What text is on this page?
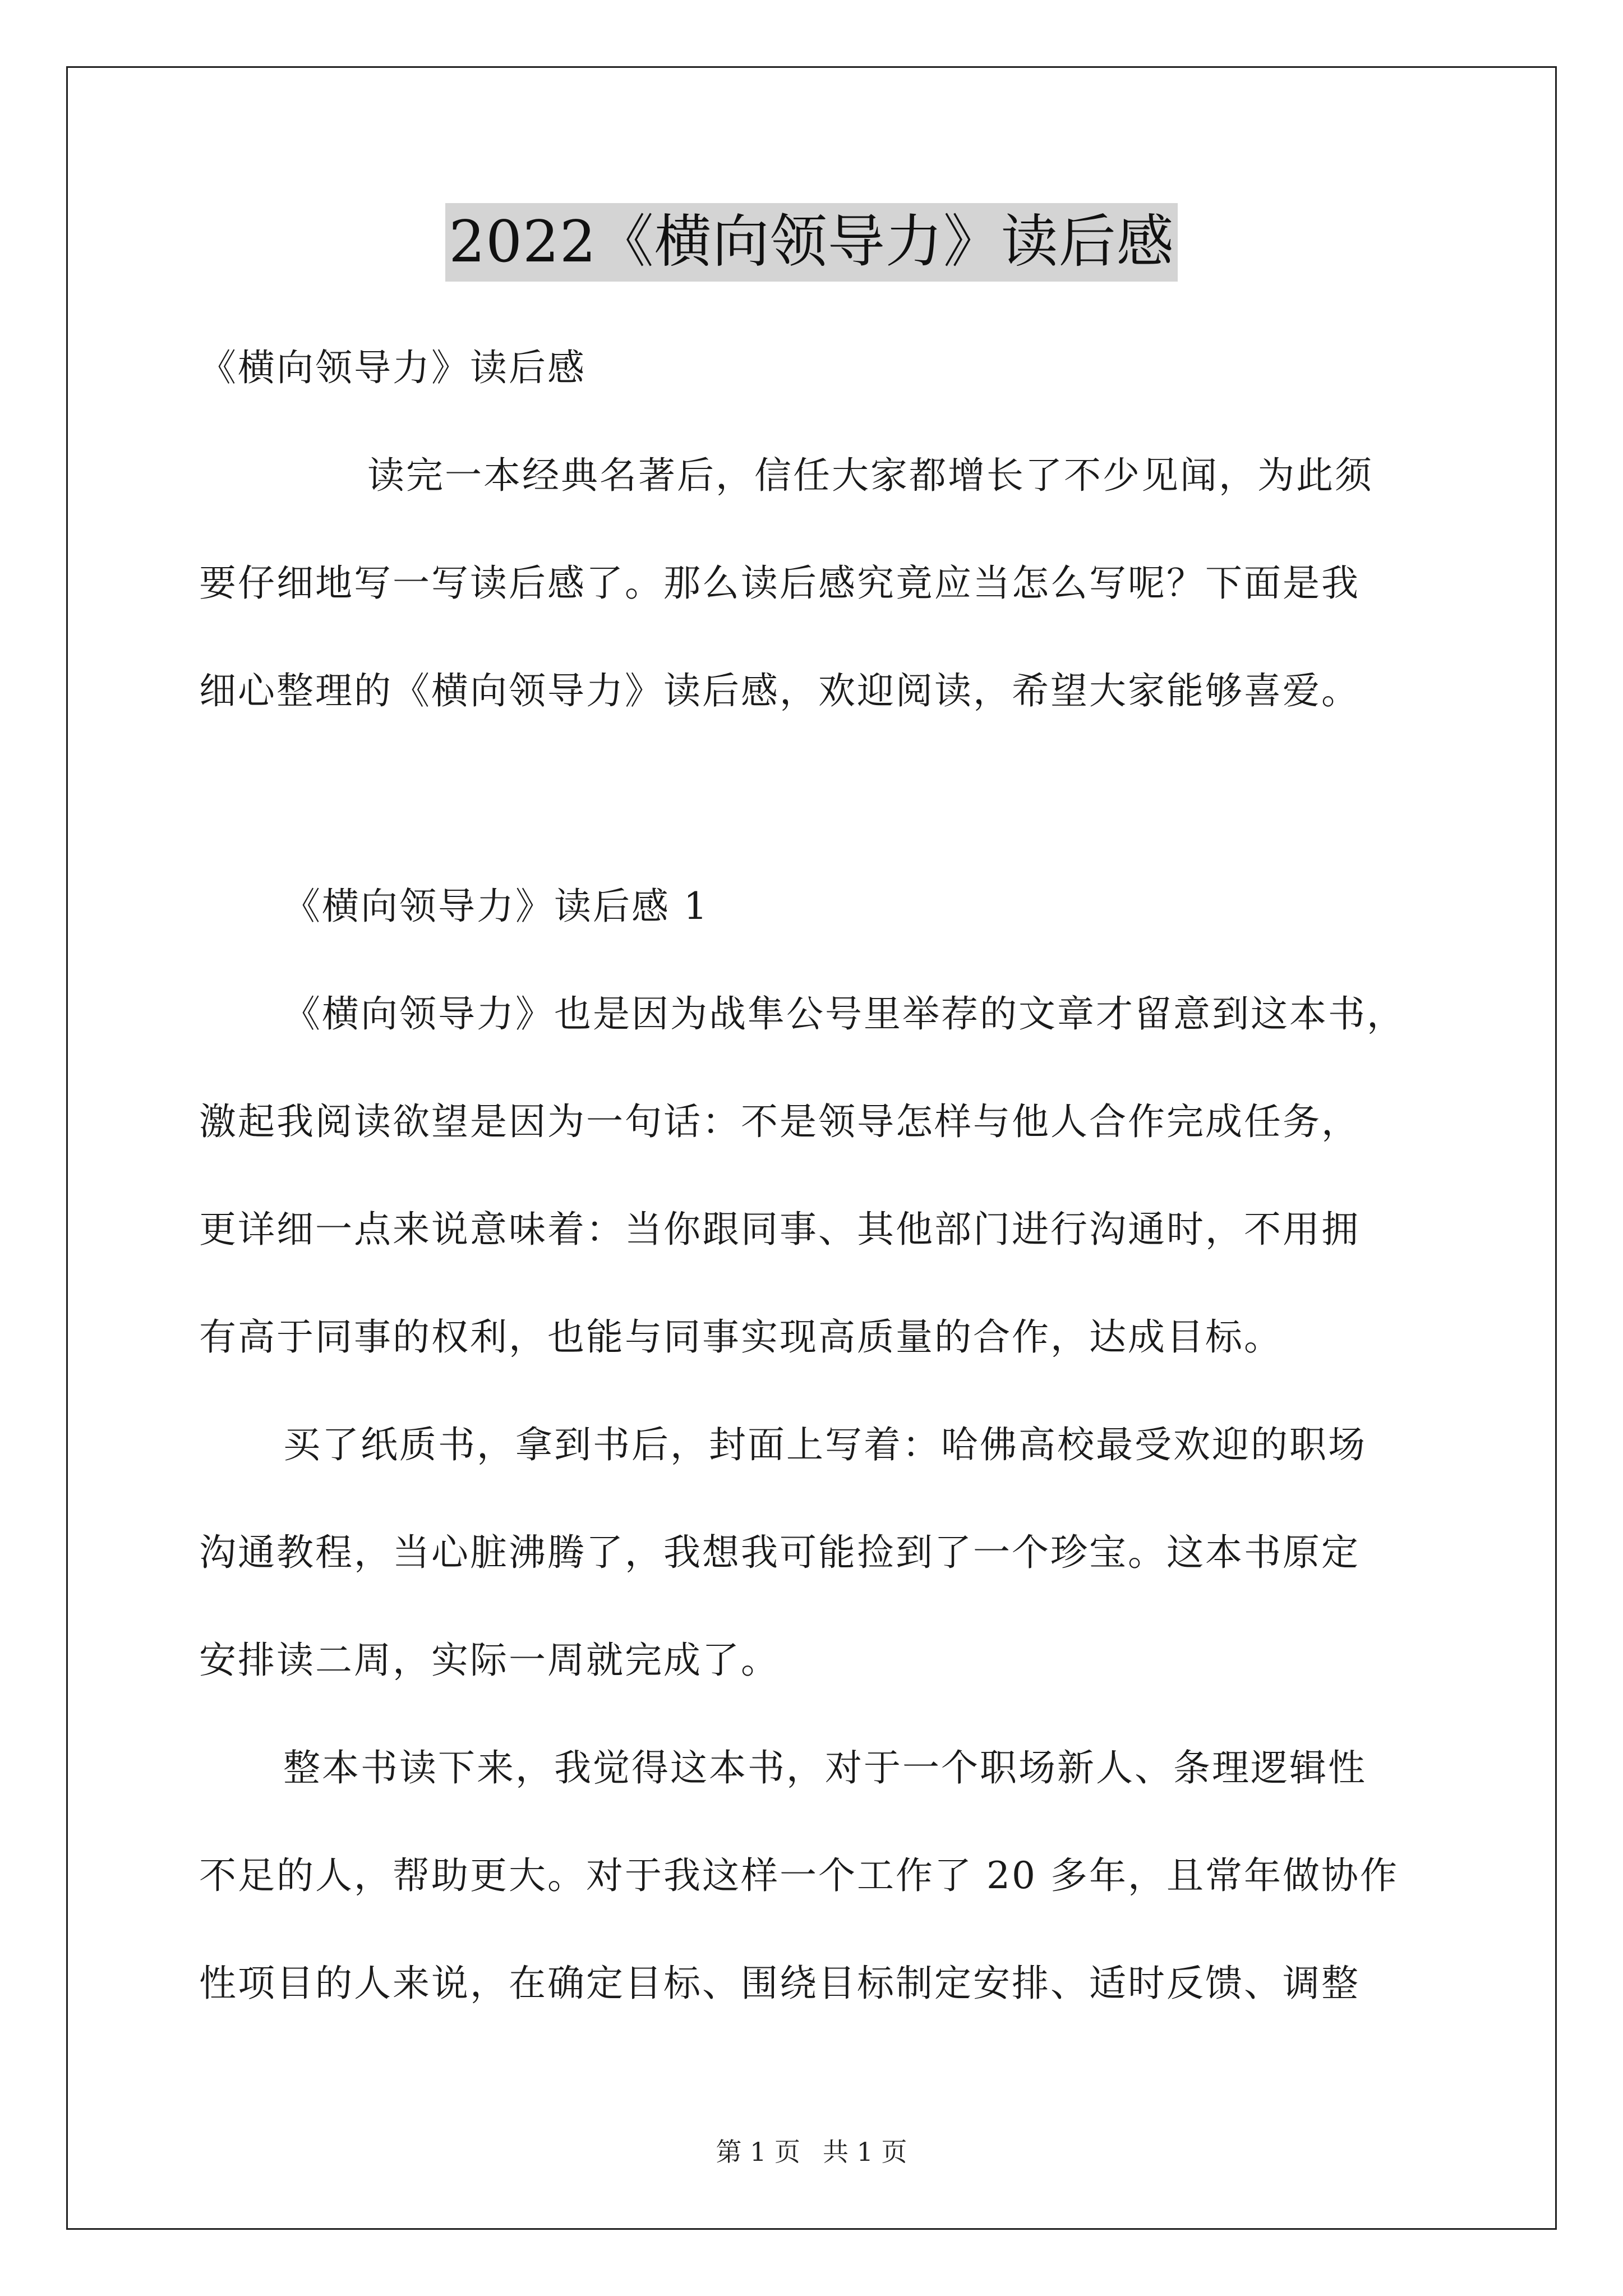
2022《横向领导力》读后感
《横向领导力》读后感
读完一本经典名著后，信任大家都增长了不少见闻，为此须
要仔细地写一写读后感了。那么读后感究竟应当怎么写呢？下面是我
细心整理的《横向领导力》读后感，欢迎阅读，希望大家能够喜爱。
《横向领导力》读后感 1
《横向领导力》也是因为战隼公号里举荐的文章才留意到这本书，
激起我阅读欲望是因为一句话：不是领导怎样与他人合作完成任务，
更详细一点来说意味着：当你跟同事、其他部门进行沟通时，不用拥
有高于同事的权利，也能与同事实现高质量的合作，达成目标。
买了纸质书，拿到书后，封面上写着：哈佛高校最受欢迎的职场
沟通教程，当心脏沸腾了，我想我可能捡到了一个珍宝。这本书原定
安排读二周，实际一周就完成了。
整本书读下来，我觉得这本书，对于一个职场新人、条理逻辑性
不足的人，帮助更大。对于我这样一个工作了 20 多年，且常年做协作
性项目的人来说，在确定目标、围绕目标制定安排、适时反馈、调整
第 1 页 共 1 页
